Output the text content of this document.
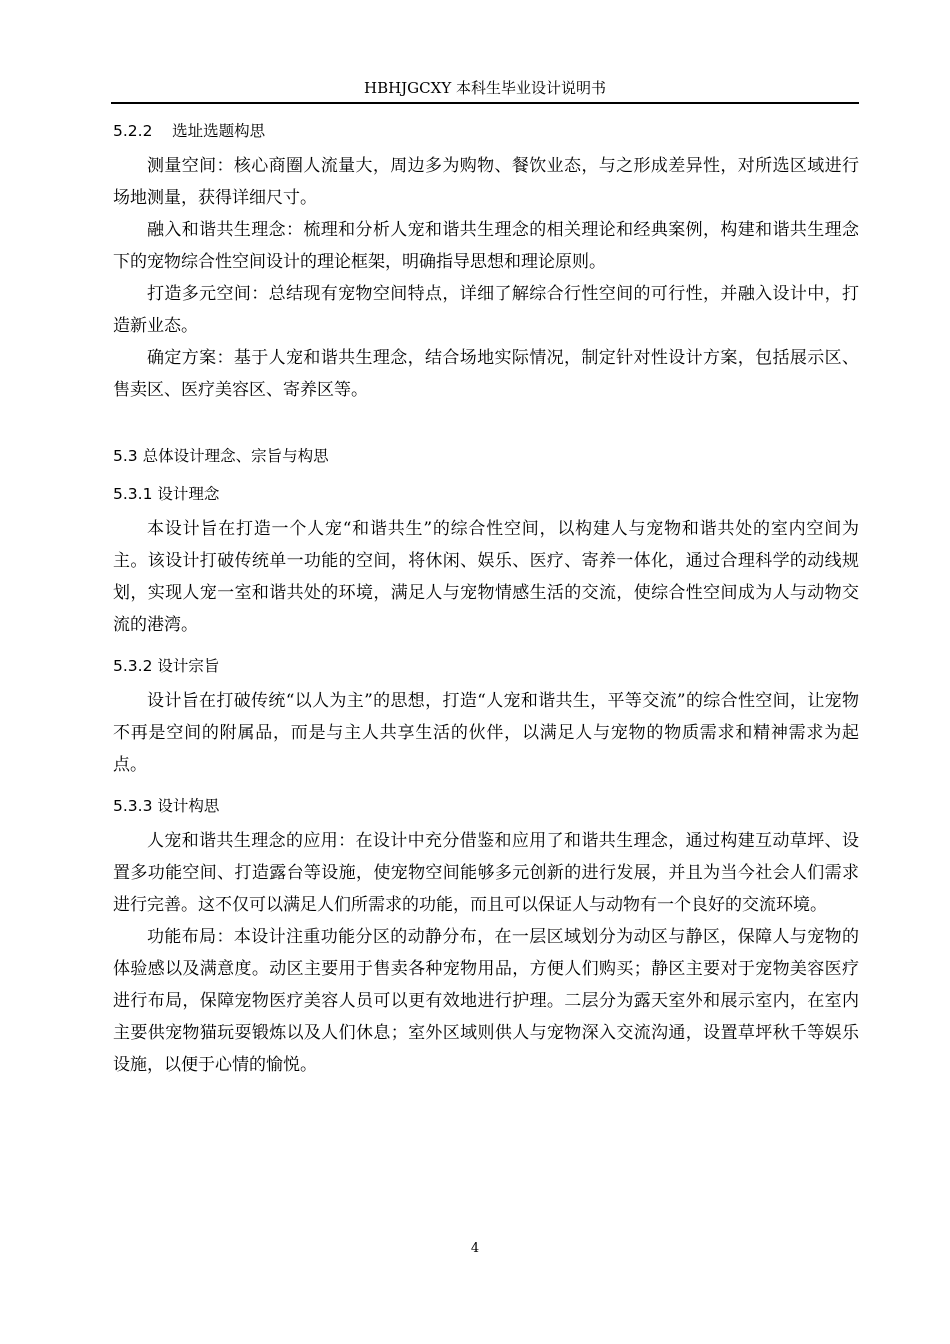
HBHJGCXY 本科生毕业设计说明书
5.2.2    选址选题构思

测量空间：核心商圈人流量大，周边多为购物、餐饮业态，与之形成差异性，对所选区域进行场地测量，获得详细尺寸。

融入和谐共生理念：梳理和分析人宠和谐共生理念的相关理论和经典案例，构建和谐共生理念下的宠物综合性空间设计的理论框架，明确指导思想和理论原则。

打造多元空间：总结现有宠物空间特点，详细了解综合行性空间的可行性，并融入设计中，打造新业态。

确定方案：基于人宠和谐共生理念，结合场地实际情况，制定针对性设计方案，包括展示区、售卖区、医疗美容区、寄养区等。

5.3 总体设计理念、宗旨与构思
5.3.1 设计理念

本设计旨在打造一个人宠“和谐共生”的综合性空间，以构建人与宠物和谐共处的室内空间为主。该设计打破传统单一功能的空间，将休闲、娱乐、医疗、寄养一体化，通过合理科学的动线规划，实现人宠一室和谐共处的环境，满足人与宠物情感生活的交流，使综合性空间成为人与动物交流的港湾。

5.3.2 设计宗旨

设计旨在打破传统“以人为主”的思想，打造“人宠和谐共生，平等交流”的综合性空间，让宠物不再是空间的附属品，而是与主人共享生活的伙伴，以满足人与宠物的物质需求和精神需求为起点。

5.3.3 设计构思

人宠和谐共生理念的应用：在设计中充分借鉴和应用了和谐共生理念，通过构建互动草坪、设置多功能空间、打造露台等设施，使宠物空间能够多元创新的进行发展，并且为当今社会人们需求进行完善。这不仅可以满足人们所需求的功能，而且可以保证人与动物有一个良好的交流环境。

功能布局：本设计注重功能分区的动静分布，在一层区域划分为动区与静区，保障人与宠物的体验感以及满意度。动区主要用于售卖各种宠物用品，方便人们购买；静区主要对于宠物美容医疗进行布局，保障宠物医疗美容人员可以更有效地进行护理。二层分为露天室外和展示室内，在室内主要供宠物猫玩耍锻炼以及人们休息；室外区域则供人与宠物深入交流沟通，设置草坪秋千等娱乐设施，以便于心情的愉悦。

4
